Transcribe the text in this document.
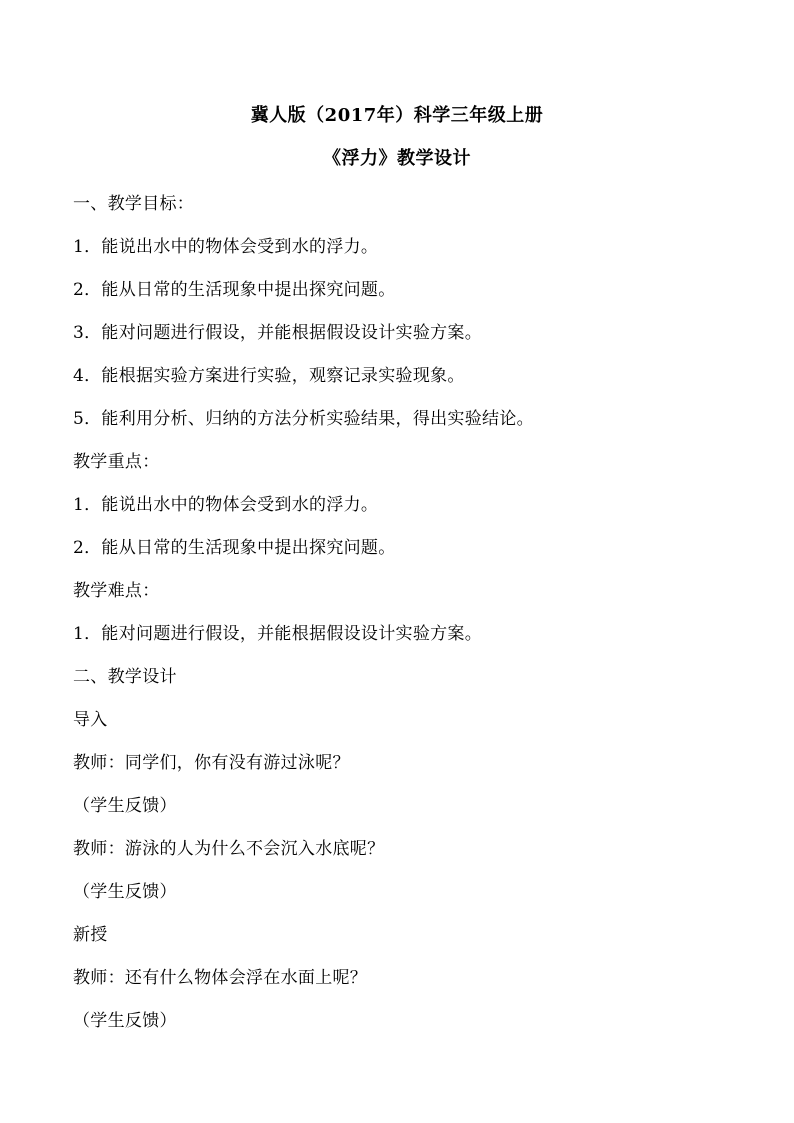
冀人版（2017年）科学三年级上册
《浮力》教学设计
一、教学目标：
1．能说出水中的物体会受到水的浮力。
2．能从日常的生活现象中提出探究问题。
3．能对问题进行假设，并能根据假设设计实验方案。
4．能根据实验方案进行实验，观察记录实验现象。
5．能利用分析、归纳的方法分析实验结果，得出实验结论。
教学重点：
1．能说出水中的物体会受到水的浮力。
2．能从日常的生活现象中提出探究问题。
教学难点：
1．能对问题进行假设，并能根据假设设计实验方案。
二、教学设计
导入
教师：同学们，你有没有游过泳呢？
（学生反馈）
教师：游泳的人为什么不会沉入水底呢？
（学生反馈）
新授
教师：还有什么物体会浮在水面上呢？
（学生反馈）
